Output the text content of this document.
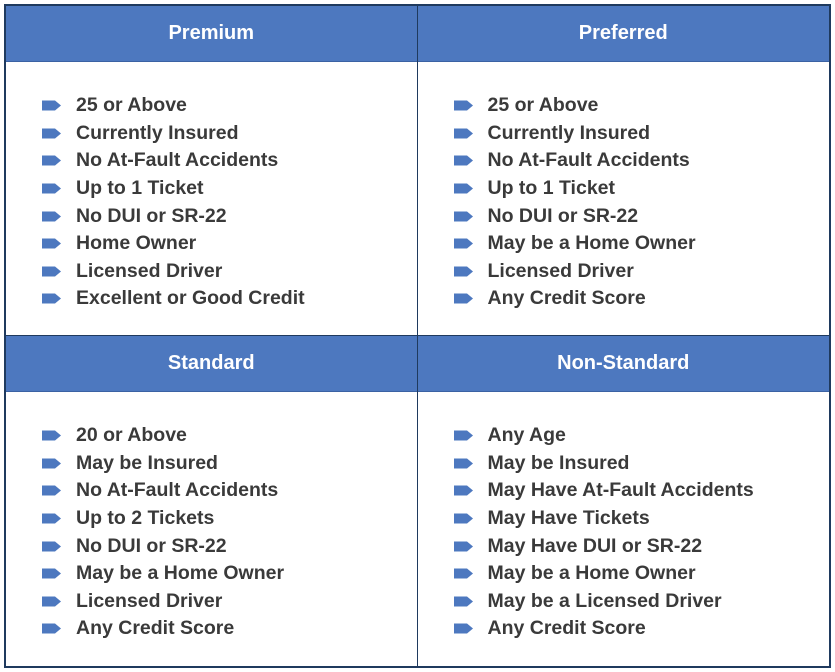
Premium
25 or Above
Currently Insured
No At-Fault Accidents
Up to 1 Ticket
No DUI or SR-22
Home Owner
Licensed Driver
Excellent or Good Credit
Preferred
25 or Above
Currently Insured
No At-Fault Accidents
Up to 1 Ticket
No DUI or SR-22
May be a Home Owner
Licensed Driver
Any Credit Score
Standard
20 or Above
May be Insured
No At-Fault Accidents
Up to 2 Tickets
No DUI or SR-22
May be a Home Owner
Licensed Driver
Any Credit Score
Non-Standard
Any Age
May be Insured
May Have At-Fault Accidents
May Have Tickets
May Have DUI or SR-22
May be a Home Owner
May be a Licensed Driver
Any Credit Score
